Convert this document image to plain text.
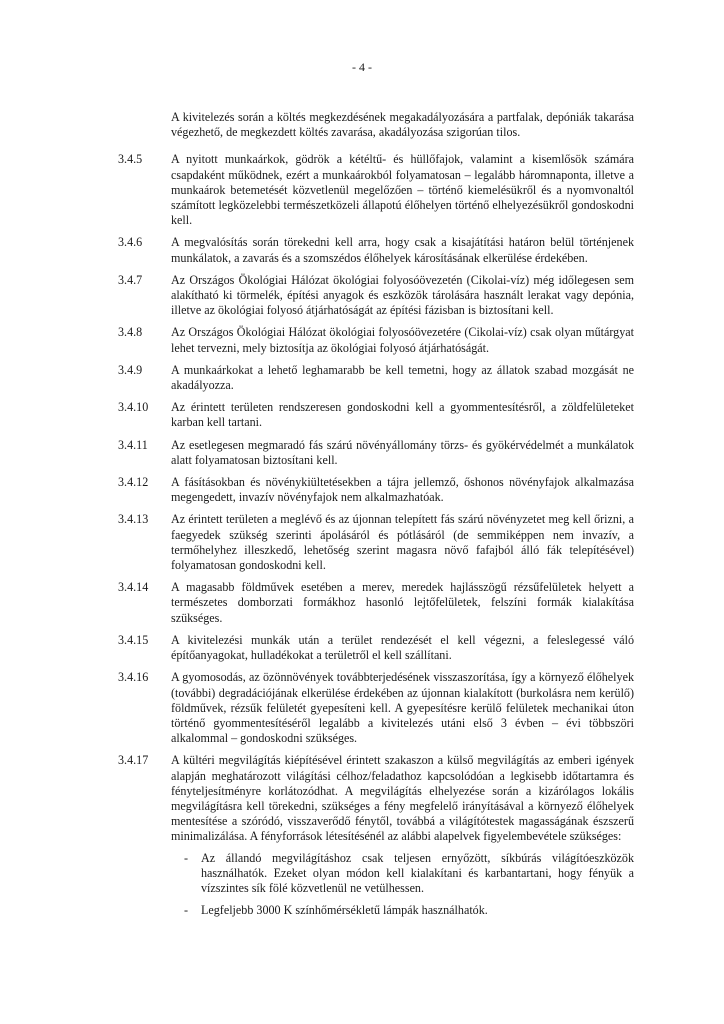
- 4 -
A kivitelezés során a költés megkezdésének megakadályozására a partfalak, depóniák takarása végezhető, de megkezdett költés zavarása, akadályozása szigorúan tilos.
3.4.5	A nyitott munkaárkok, gödrök a kétéltű- és hüllőfajok, valamint a kisemlősök számára csapdaként működnek, ezért a munkaárokból folyamatosan – legalább háromnaponta, illetve a munkaárok betemetését közvetlenül megelőzően – történő kiemelésükről és a nyomvonaltól számított legközelebbi természetközeli állapotú élőhelyen történő elhelyezésükről gondoskodni kell.
3.4.6	A megvalósítás során törekedni kell arra, hogy csak a kisajátítási határon belül történjenek munkálatok, a zavarás és a szomszédos élőhelyek károsításának elkerülése érdekében.
3.4.7	Az Országos Ökológiai Hálózat ökológiai folyosóövezetén (Cikolai-víz) még időlegesen sem alakítható ki törmelék, építési anyagok és eszközök tárolására használt lerakat vagy depónia, illetve az ökológiai folyosó átjárhatóságát az építési fázisban is biztosítani kell.
3.4.8	Az Országos Ökológiai Hálózat ökológiai folyosóövezetére (Cikolai-víz) csak olyan műtárgyat lehet tervezni, mely biztosítja az ökológiai folyosó átjárhatóságát.
3.4.9	A munkaárkokat a lehető leghamarabb be kell temetni, hogy az állatok szabad mozgását ne akadályozza.
3.4.10	Az érintett területen rendszeresen gondoskodni kell a gyommentesítésről, a zöldfelületeket karban kell tartani.
3.4.11	Az esetlegesen megmaradó fás szárú növényállomány törzs- és gyökérvédelmét a munkálatok alatt folyamatosan biztosítani kell.
3.4.12	A fásításokban és növénykiültetésekben a tájra jellemző, őshonos növényfajok alkalmazása megengedett, invazív növényfajok nem alkalmazhatóak.
3.4.13	Az érintett területen a meglévő és az újonnan telepített fás szárú növényzetet meg kell őrizni, a faegyedek szükség szerinti ápolásáról és pótlásáról (de semmiképpen nem invazív, a termőhelyhez illeszkedő, lehetőség szerint magasra növő fafajból álló fák telepítésével) folyamatosan gondoskodni kell.
3.4.14	A magasabb földművek esetében a merev, meredek hajlásszögű rézsűfelületek helyett a természetes domborzati formákhoz hasonló lejtőfelületek, felszíni formák kialakítása szükséges.
3.4.15	A kivitelezési munkák után a terület rendezését el kell végezni, a feleslegessé váló építőanyagokat, hulladékokat a területről el kell szállítani.
3.4.16	A gyomosodás, az özönnövények továbbterjedésének visszaszorítása, így a környező élőhelyek (további) degradációjának elkerülése érdekében az újonnan kialakított (burkolásra nem kerülő) földművek, rézsűk felületét gyepesíteni kell. A gyepesítésre kerülő felületek mechanikai úton történő gyommentesítéséről legalább a kivitelezés utáni első 3 évben – évi többszöri alkalommal – gondoskodni szükséges.
3.4.17	A kültéri megvilágítás kiépítésével érintett szakaszon a külső megvilágítás az emberi igények alapján meghatározott világítási célhoz/feladathoz kapcsolódóan a legkisebb időtartamra és fényteljesítményre korlátozódhat. A megvilágítás elhelyezése során a kizárólagos lokális megvilágításra kell törekedni, szükséges a fény megfelelő irányításával a környező élőhelyek mentesítése a szóródó, visszaverődő fénytől, továbbá a világítótestek magasságának észszerű minimalizálása. A fényforrások létesítésénél az alábbi alapelvek figyelembevétele szükséges:
-	Az állandó megvilágításhoz csak teljesen ernyőzött, síkbúrás világítóeszközök használhatók. Ezeket olyan módon kell kialakítani és karbantartani, hogy fényük a vízszintes sík fölé közvetlenül ne vetülhessen.
-	Legfeljebb 3000 K színhőmérsékletű lámpák használhatók.
